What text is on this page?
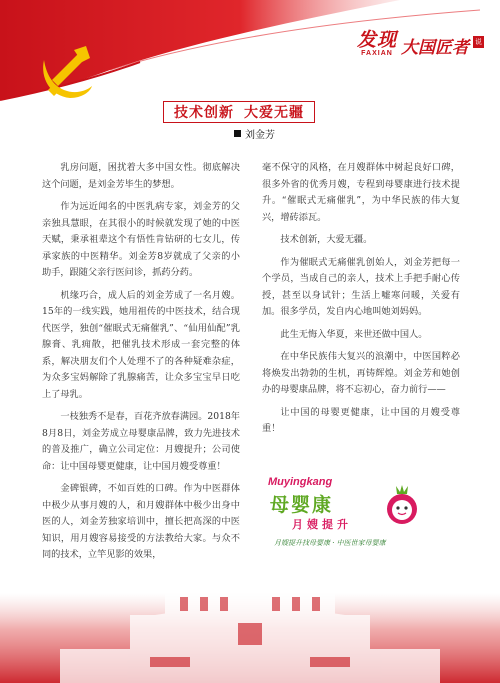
发现
FAXIAN 大国匠者 说
技术创新 大爱无疆
刘金芳

乳房问题，困扰着大多中国女性。彻底解决这个问题，是刘金芳毕生的梦想。

作为远近闻名的中医乳病专家，刘金芳的父亲独具慧眼，在其很小的时候就发现了她的中医天赋，秉承祖辈这个有悟性肯钻研的七女儿，传承家族的中医精华。刘金芳8岁就成了父亲的小助手，跟随父亲行医问诊，抓药分药。

机缘巧合，成人后的刘金芳成了一名月嫂。15年的一线实践，她用祖传的中医技术，结合现代医学，独创“催眠式无痛催乳”、“仙用仙配”乳腺膏、乳痈散，把催乳技术形成一套完整的体系，解决朋友们个人处理不了的各种疑难杂症，为众多宝妈解除了乳腺痛苦，让众多宝宝早日吃上了母乳。

一枝独秀不是春，百花齐放春满园。2018年8月8日，刘金芳成立母婴康品牌，致力先进技术的普及推广，确立公司定位：月嫂提升；公司使命：让中国母婴更健康，让中国月嫂受尊重！

金碑银碑，不如百姓的口碑。作为中医群体中极少从事月嫂的人，和月嫂群体中极少出身中医的人，刘金芳独家培训中，擅长把高深的中医知识，用月嫂容易接受的方法教给大家。与众不同的技术，立竿见影的效果，

毫不保守的风格，在月嫂群体中树起良好口碑，很多外省的优秀月嫂，专程到母婴康进行技术提升。“催眠式无痛催乳”，为中华民族的伟大复兴，增砖添瓦。

技术创新，大爱无疆。

作为催眠式无痛催乳创始人，刘金芳把每一个学员，当成自己的亲人，技术上手把手耐心传授，甚至以身试针；生活上嘘寒问暖，关爱有加。很多学员，发自内心地叫她刘妈妈。

此生无悔入华夏，来世还做中国人。

在中华民族伟大复兴的浪潮中，中医国粹必将焕发出勃勃的生机，再铸辉煌。刘金芳和她创办的母婴康品牌，将不忘初心，奋力前行——

让中国的母婴更健康，让中国的月嫂受尊重！

Muyingkang
母婴康
月嫂提升
月嫂提升找母婴康 · 中医世家母婴康
